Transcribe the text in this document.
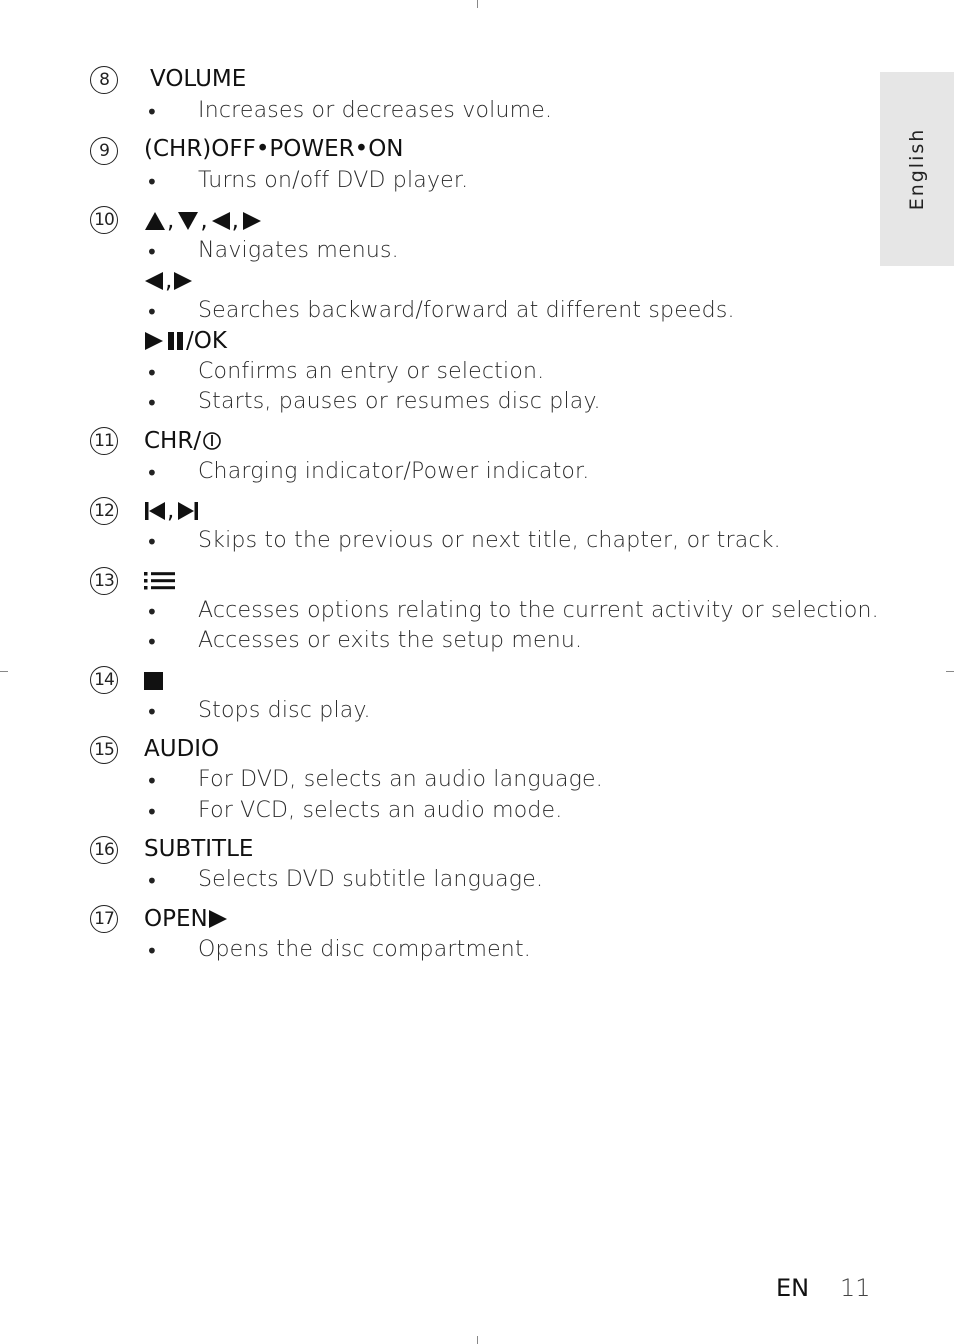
English
8	VOLUME
• Increases or decreases volume.
9	(CHR)OFF•POWER•ON
• Turns on/off DVD player.
10 , , ,
• Navigates menus.
,
• Searches backward/forward at different speeds.
/OK
• Confirms an entry or selection.
• Starts, pauses or resumes disc play.
11 CHR/
• Charging indicator/Power indicator.
12 ,
• Skips to the previous or next title, chapter, or track.
13
• Accesses options relating to the current activity or selection.
• Accesses or exits the setup menu.
14
• Stops disc play.
15 AUDIO
• For DVD, selects an audio language.
• For VCD, selects an audio mode.
16 SUBTITLE
• Selects DVD subtitle language.
17 OPEN
• Opens the disc compartment.
EN 11
